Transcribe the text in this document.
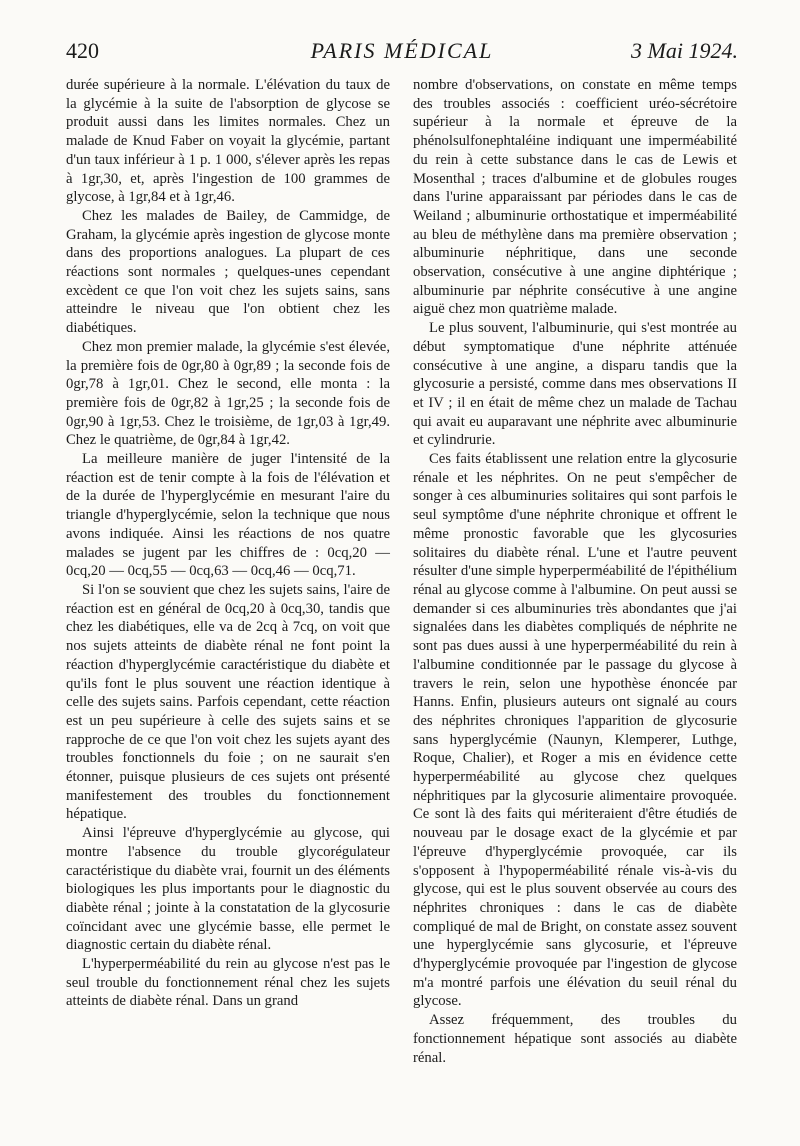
420	PARIS MÉDICAL	3 Mai 1924.

durée supérieure à la normale. L'élévation du taux de la glycémie à la suite de l'absorption de glycose se produit aussi dans les limites normales. Chez un malade de Knud Faber on voyait la glycémie, partant d'un taux inférieur à 1 p. 1 000, s'élever après les repas à 1gr,30, et, après l'ingestion de 100 grammes de glycose, à 1gr,84 et à 1gr,46.

Chez les malades de Bailey, de Cammidge, de Graham, la glycémie après ingestion de glycose monte dans des proportions analogues. La plupart de ces réactions sont normales ; quelques-unes cependant excèdent ce que l'on voit chez les sujets sains, sans atteindre le niveau que l'on obtient chez les diabétiques.

Chez mon premier malade, la glycémie s'est élevée, la première fois de 0gr,80 à 0gr,89 ; la seconde fois de 0gr,78 à 1gr,01. Chez le second, elle monta : la première fois de 0gr,82 à 1gr,25 ; la seconde fois de 0gr,90 à 1gr,53. Chez le troisième, de 1gr,03 à 1gr,49. Chez le quatrième, de 0gr,84 à 1gr,42.

La meilleure manière de juger l'intensité de la réaction est de tenir compte à la fois de l'élévation et de la durée de l'hyperglycémie en mesurant l'aire du triangle d'hyperglycémie, selon la technique que nous avons indiquée. Ainsi les réactions de nos quatre malades se jugent par les chiffres de : 0cq,20 — 0cq,20 — 0cq,55 — 0cq,63 — 0cq,46 — 0cq,71.

Si l'on se souvient que chez les sujets sains, l'aire de réaction est en général de 0cq,20 à 0cq,30, tandis que chez les diabétiques, elle va de 2cq à 7cq, on voit que nos sujets atteints de diabète rénal ne font point la réaction d'hyperglycémie caractéristique du diabète et qu'ils font le plus souvent une réaction identique à celle des sujets sains. Parfois cependant, cette réaction est un peu supérieure à celle des sujets sains et se rapproche de ce que l'on voit chez les sujets ayant des troubles fonctionnels du foie ; on ne saurait s'en étonner, puisque plusieurs de ces sujets ont présenté manifestement des troubles du fonctionnement hépatique.

Ainsi l'épreuve d'hyperglycémie au glycose, qui montre l'absence du trouble glycorégulateur caractéristique du diabète vrai, fournit un des éléments biologiques les plus importants pour le diagnostic du diabète rénal ; jointe à la constatation de la glycosurie coïncidant avec une glycémie basse, elle permet le diagnostic certain du diabète rénal.

L'hyperperméabilité du rein au glycose n'est pas le seul trouble du fonctionnement rénal chez les sujets atteints de diabète rénal. Dans un grand

nombre d'observations, on constate en même temps des troubles associés : coefficient uréo-sécrétoire supérieur à la normale et épreuve de la phénolsulfonephtaléine indiquant une imperméabilité du rein à cette substance dans le cas de Lewis et Mosenthal ; traces d'albumine et de globules rouges dans l'urine apparaissant par périodes dans le cas de Weiland ; albuminurie orthostatique et imperméabilité au bleu de méthylène dans ma première observation ; albuminurie néphritique, dans une seconde observation, consécutive à une angine diphtérique ; albuminurie par néphrite consécutive à une angine aiguë chez mon quatrième malade.

Le plus souvent, l'albuminurie, qui s'est montrée au début symptomatique d'une néphrite atténuée consécutive à une angine, a disparu tandis que la glycosurie a persisté, comme dans mes observations II et IV ; il en était de même chez un malade de Tachau qui avait eu auparavant une néphrite avec albuminurie et cylindrurie.

Ces faits établissent une relation entre la glycosurie rénale et les néphrites. On ne peut s'empêcher de songer à ces albuminuries solitaires qui sont parfois le seul symptôme d'une néphrite chronique et offrent le même pronostic favorable que les glycosuries solitaires du diabète rénal. L'une et l'autre peuvent résulter d'une simple hyperperméabilité de l'épithélium rénal au glycose comme à l'albumine. On peut aussi se demander si ces albuminuries très abondantes que j'ai signalées dans les diabètes compliqués de néphrite ne sont pas dues aussi à une hyperperméabilité du rein à l'albumine conditionnée par le passage du glycose à travers le rein, selon une hypothèse énoncée par Hanns. Enfin, plusieurs auteurs ont signalé au cours des néphrites chroniques l'apparition de glycosurie sans hyperglycémie (Naunyn, Klemperer, Luthge, Roque, Chalier), et Roger a mis en évidence cette hyperperméabilité au glycose chez quelques néphritiques par la glycosurie alimentaire provoquée. Ce sont là des faits qui mériteraient d'être étudiés de nouveau par le dosage exact de la glycémie et par l'épreuve d'hyperglycémie provoquée, car ils s'opposent à l'hypoperméabilité rénale vis-à-vis du glycose, qui est le plus souvent observée au cours des néphrites chroniques : dans le cas de diabète compliqué de mal de Bright, on constate assez souvent une hyperglycémie sans glycosurie, et l'épreuve d'hyperglycémie provoquée par l'ingestion de glycose m'a montré parfois une élévation du seuil rénal du glycose.

Assez fréquemment, des troubles du fonctionnement hépatique sont associés au diabète rénal.
